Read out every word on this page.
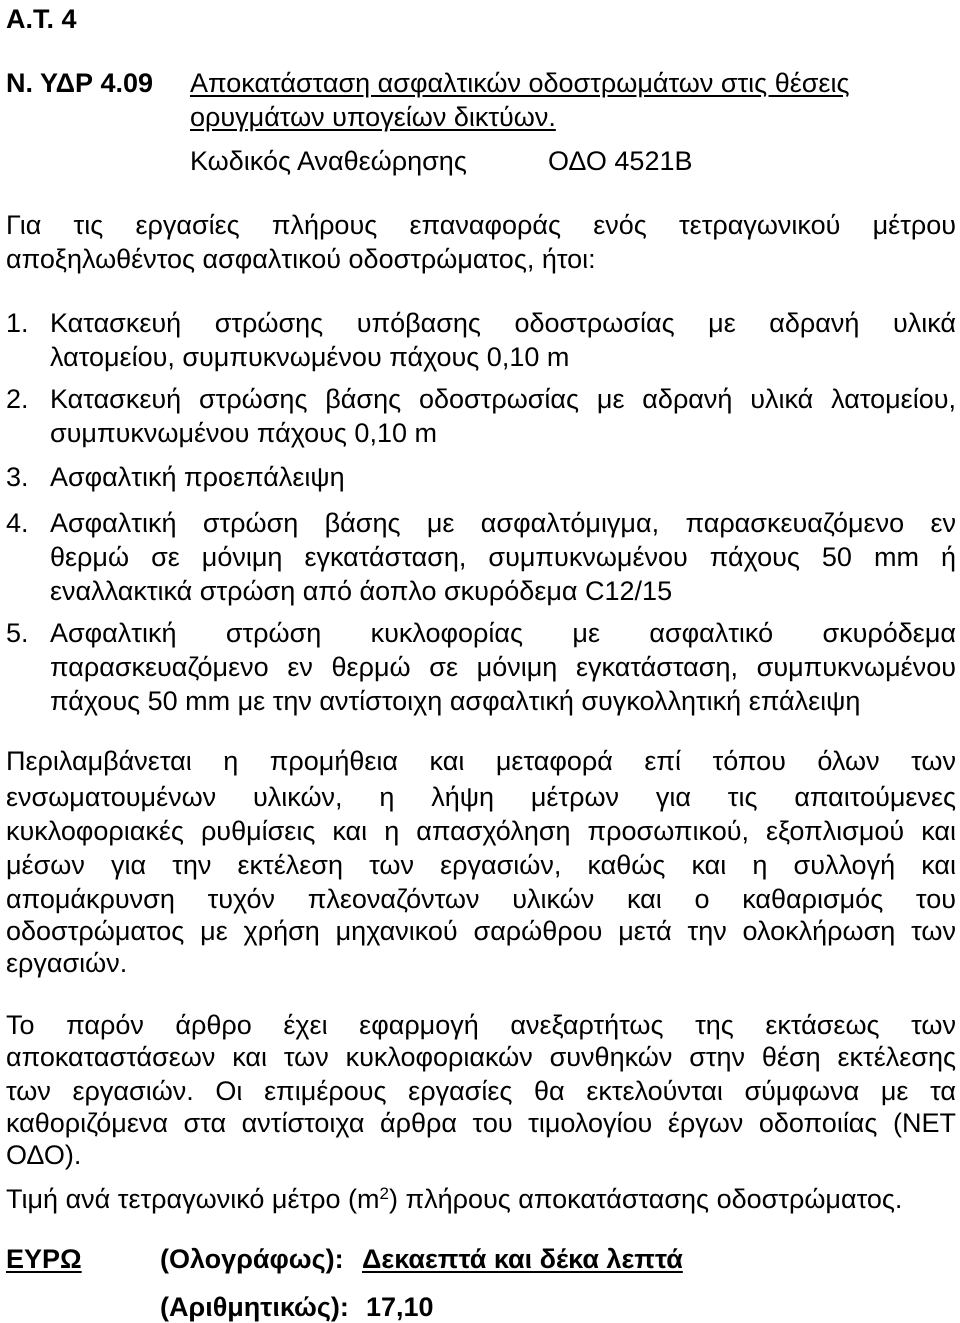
Α.Τ. 4
Ν. ΥΔΡ 4.09 Αποκατάσταση ασφαλτικών οδοστρωμάτων στις θέσεις
ορυγμάτων υπογείων δικτύων.
Κωδικός Αναθεώρησης	ΟΔΟ 4521Β
Για τις εργασίες πλήρους επαναφοράς ενός τετραγωνικού μέτρου
αποξηλωθέντος ασφαλτικού οδοστρώματος, ήτοι:
1. Κατασκευή στρώσης υπόβασης οδοστρωσίας με αδρανή υλικά
λατομείου, συμπυκνωμένου πάχους 0,10 m
2. Κατασκευή στρώσης βάσης οδοστρωσίας με αδρανή υλικά λατομείου,
συμπυκνωμένου πάχους 0,10 m
3. Ασφαλτική προεπάλειψη
4. Ασφαλτική στρώση βάσης με ασφαλτόμιγμα, παρασκευαζόμενο εν
θερμώ σε μόνιμη εγκατάσταση, συμπυκνωμένου πάχους 50 mm ή
εναλλακτικά στρώση από άοπλο σκυρόδεμα C12/15
5. Ασφαλτική στρώση κυκλοφορίας με ασφαλτικό σκυρόδεμα
παρασκευαζόμενο εν θερμώ σε μόνιμη εγκατάσταση, συμπυκνωμένου
πάχους 50 mm με την αντίστοιχη ασφαλτική συγκολλητική επάλειψη
Περιλαμβάνεται η προμήθεια και μεταφορά επί τόπου όλων των
ενσωματουμένων υλικών, η λήψη μέτρων για τις απαιτούμενες
κυκλοφοριακές ρυθμίσεις και η απασχόληση προσωπικού, εξοπλισμού και
μέσων για την εκτέλεση των εργασιών, καθώς και η συλλογή και
απομάκρυνση τυχόν πλεοναζόντων υλικών και ο καθαρισμός του
οδοστρώματος με χρήση μηχανικού σαρώθρου μετά την ολοκλήρωση των
εργασιών.
Το παρόν άρθρο έχει εφαρμογή ανεξαρτήτως της εκτάσεως των
αποκαταστάσεων και των κυκλοφοριακών συνθηκών στην θέση εκτέλεσης
των εργασιών. Οι επιμέρους εργασίες θα εκτελούνται σύμφωνα με τα
καθοριζόμενα στα αντίστοιχα άρθρα του τιμολογίου έργων οδοποιίας (ΝΕΤ
ΟΔΟ).
Τιμή ανά τετραγωνικό μέτρο $(m^2)$ πλήρους αποκατάστασης οδοστρώματος.
ΕΥΡΩ	(Ολογράφως): Δεκαεπτά και δέκα λεπτά
(Αριθμητικώς): 17,10
